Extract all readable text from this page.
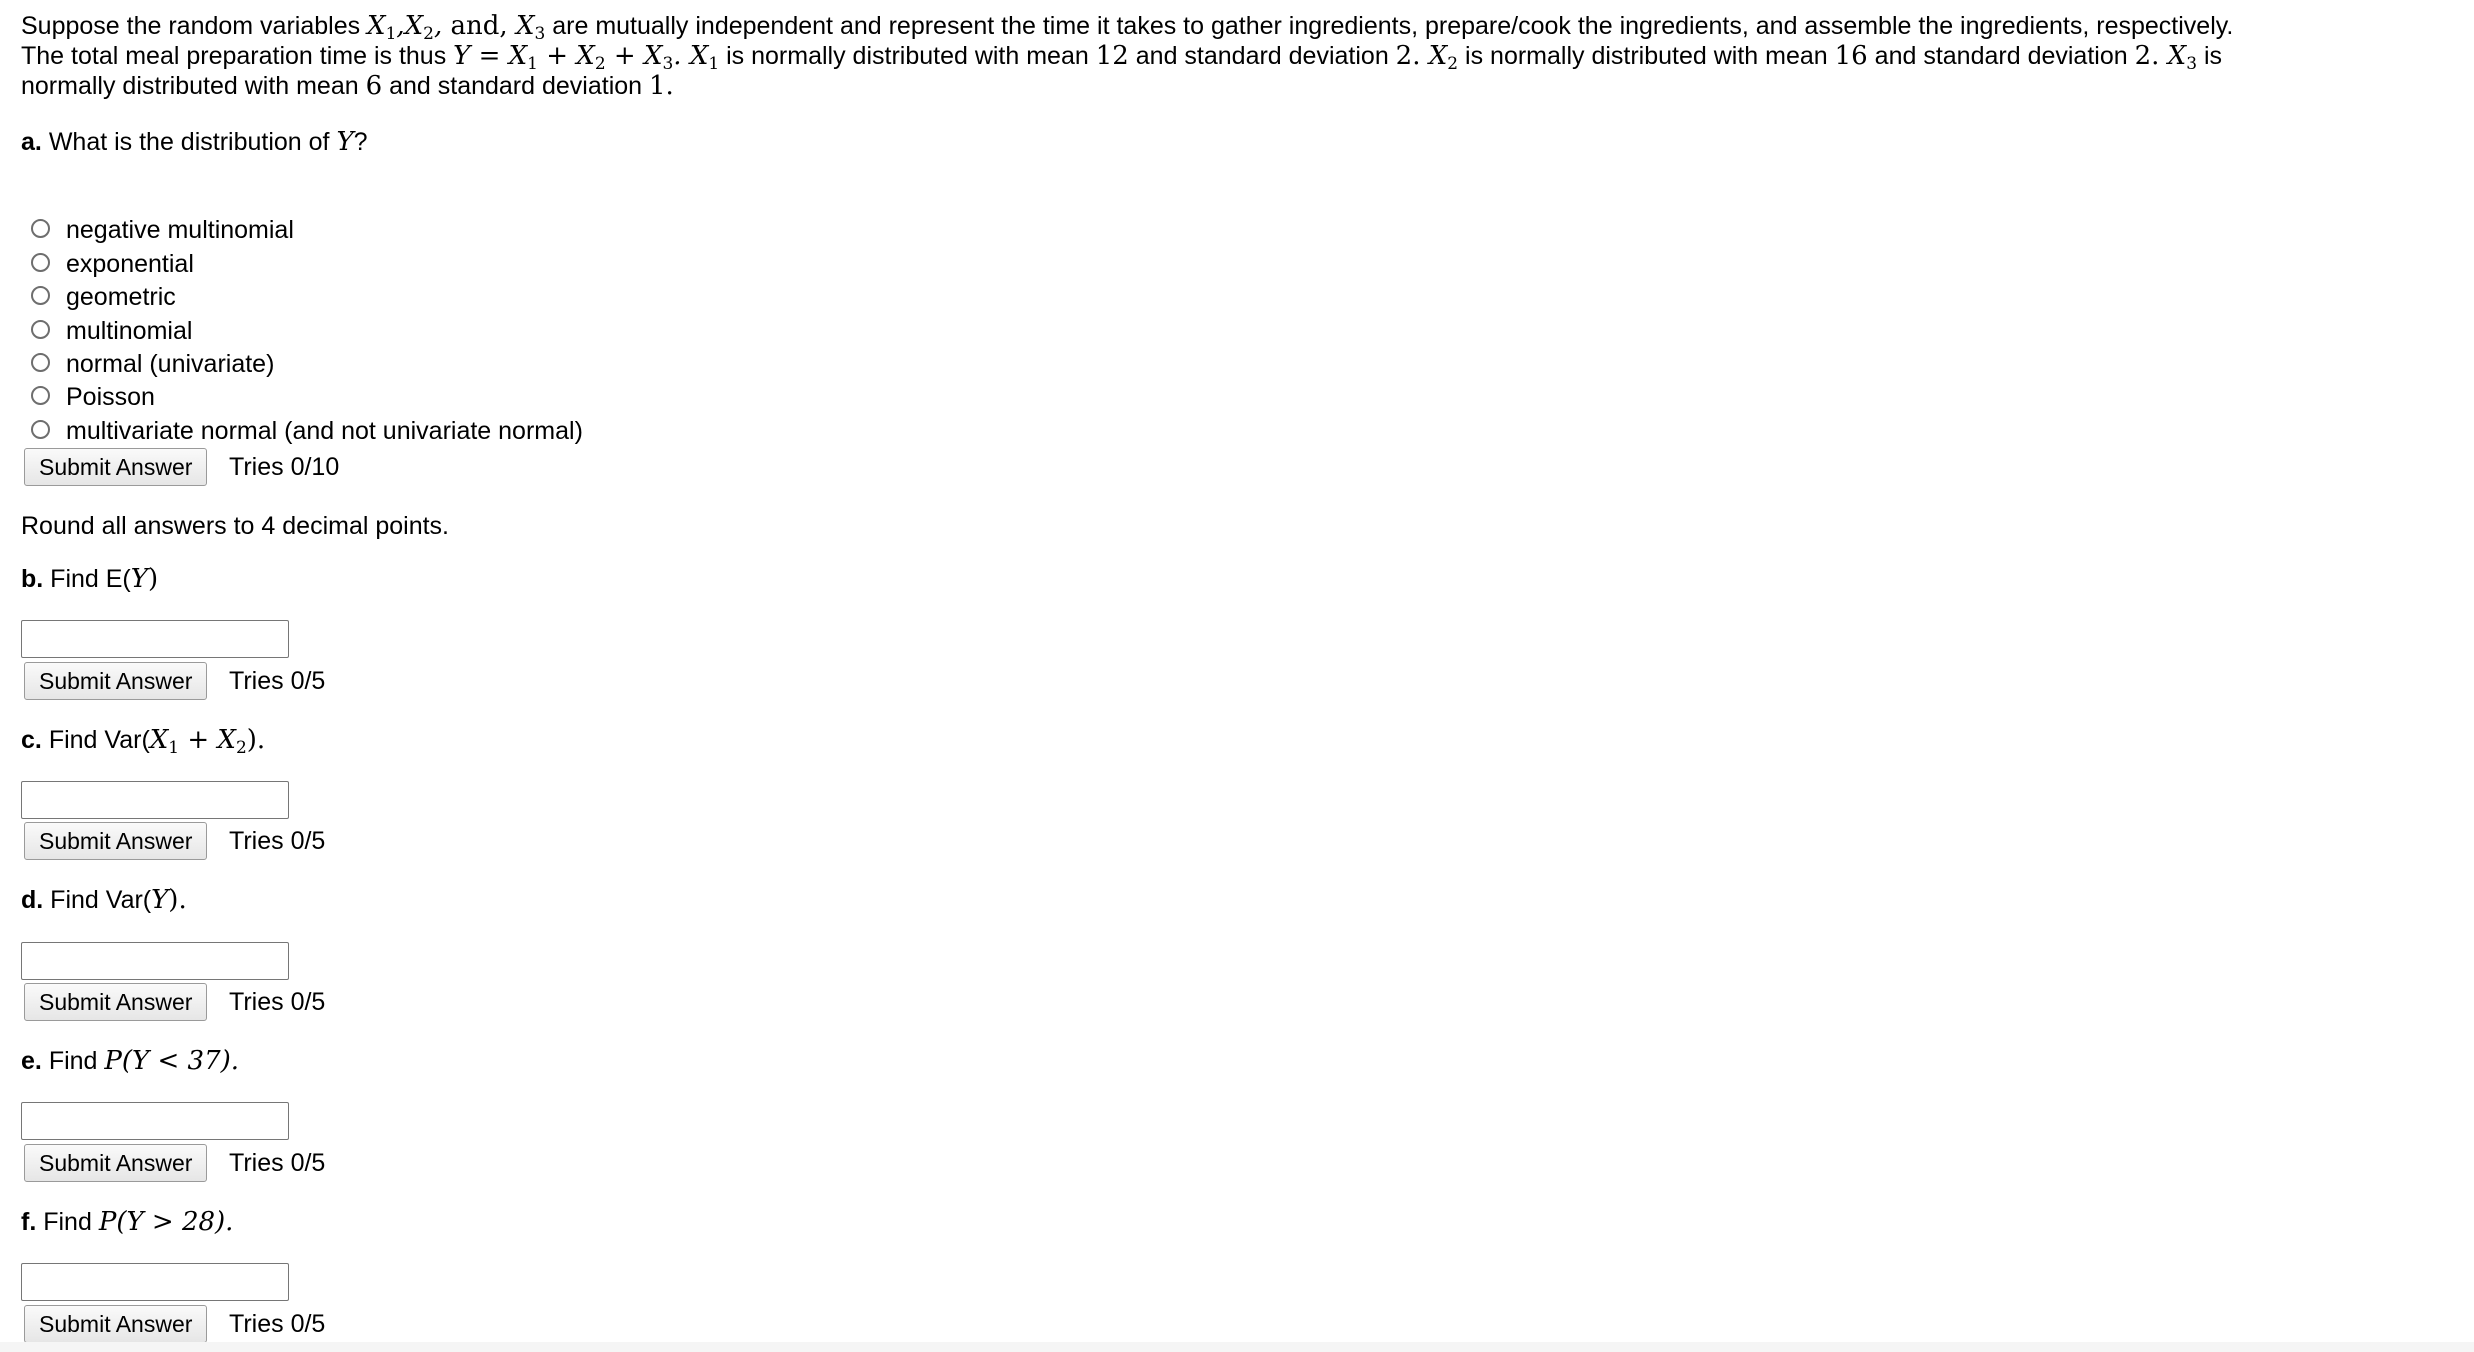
Suppose the random variables $X_1,X_2$, and, $X_3$ are mutually independent and represent the time it takes to gather ingredients, prepare/cook the ingredients, and assemble the ingredients, respectively.
The total meal preparation time is thus $Y = X_1 + X_2 + X_3$. $X_1$ is normally distributed with mean 12 and standard deviation 2. $X_2$ is normally distributed with mean 16 and standard deviation 2. $X_3$ is
normally distributed with mean 6 and standard deviation 1.
a. What is the distribution of Y?
negative multinomial
exponential
geometric
multinomial
normal (univariate)
Poisson
multivariate normal (and not univariate normal)
Submit Answer	Tries 0/10
Round all answers to 4 decimal points.
b. Find E(Y)
Submit Answer	Tries 0/5
c. Find $Var(X_1 + X_2)$.
Submit Answer	Tries 0/5
d. Find Var(Y).
Submit Answer	Tries 0/5
e. Find P(Y < 37).
Submit Answer	Tries 0/5
f. Find P(Y > 28).
Submit Answer	Tries 0/5
